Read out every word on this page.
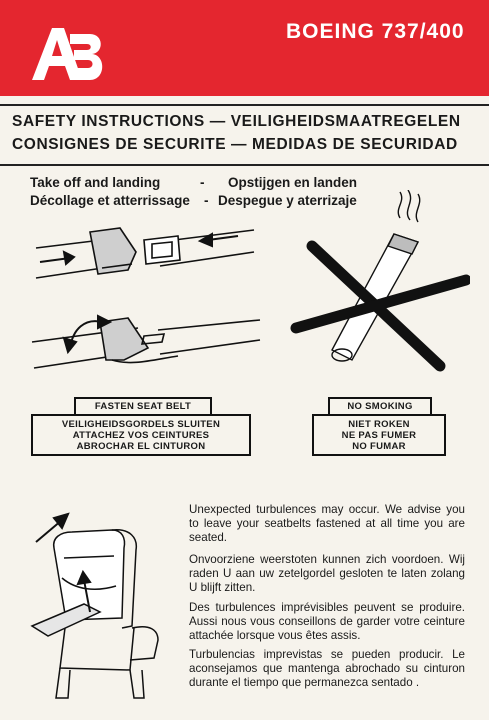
BOEING 737/400
SAFETY INSTRUCTIONS — VEILIGHEIDSMAATREGELEN
CONSIGNES DE SECURITE — MEDIDAS DE SECURIDAD
Take off and landing	- Opstijgen en landen
Décollage et atterrissage - Despegue y aterrizaje
FASTEN SEAT BELT
VEILIGHEIDSGORDELS SLUITEN
ATTACHEZ VOS CEINTURES
ABROCHAR EL CINTURON
NO SMOKING
NIET ROKEN
NE PAS FUMER
NO FUMAR
Unexpected turbulences may occur. We advise you to leave your seatbelts fastened at all time you are seated.
Onvoorziene weerstoten kunnen zich voordoen. Wij raden U aan uw zetelgordel gesloten te laten zolang U blijft zitten.
Des turbulences imprévisibles peuvent se produire. Aussi nous vous conseillons de garder votre ceinture attachée lorsque vous êtes assis.
Turbulencias imprevistas se pueden producir. Le aconsejamos que mantenga abrochado su cinturon durante el tiempo que permanezca sentado .
